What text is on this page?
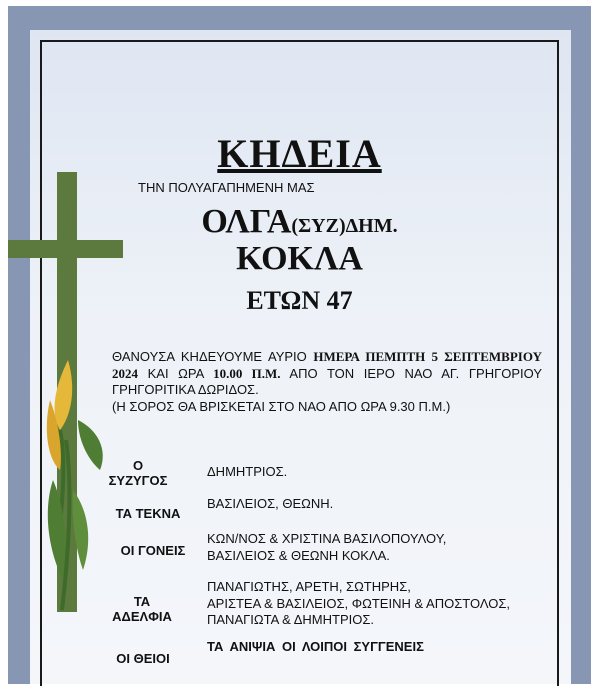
ΚΗΔΕΙΑ
ΤΗΝ ΠΟΛΥΑΓΑΠΗΜΕΝΗ ΜΑΣ
ΟΛΓΑ(ΣΥΖ)ΔΗΜ.
ΚΟΚΛΑ
ΕΤΩΝ 47
ΘΑΝΟΥΣΑ ΚΗΔΕΥΟΥΜΕ ΑΥΡΙΟ ΗΜΕΡΑ ΠΕΜΠΤΗ 5 ΣΕΠΤΕΜΒΡΙΟΥ 2024 ΚΑΙ ΩΡΑ 10.00 Π.Μ. ΑΠΟ ΤΟΝ ΙΕΡΟ ΝΑΟ ΑΓ. ΓΡΗΓΟΡΙΟΥ ΓΡΗΓΟΡΙΤΙΚΑ ΔΩΡΙΔΟΣ.
(Η ΣΟΡΟΣ ΘΑ ΒΡΙΣΚΕΤΑΙ ΣΤΟ ΝΑΟ ΑΠΟ ΩΡΑ 9.30 Π.Μ.)
Ο
ΣΥΖΥΓΟΣ
ΔΗΜΗΤΡΙΟΣ.
ΤΑ ΤΕΚΝΑ
ΒΑΣΙΛΕΙΟΣ, ΘΕΩΝΗ.
ΟΙ ΓΟΝΕΙΣ
ΚΩΝ/ΝΟΣ & ΧΡΙΣΤΙΝΑ ΒΑΣΙΛΟΠΟΥΛΟΥ,
ΒΑΣΙΛΕΙΟΣ & ΘΕΩΝΗ ΚΟΚΛΑ.
ΤΑ
ΑΔΕΛΦΙΑ
ΠΑΝΑΓΙΩΤΗΣ, ΑΡΕΤΗ, ΣΩΤΗΡΗΣ,
ΑΡΙΣΤΕΑ & ΒΑΣΙΛΕΙΟΣ, ΦΩΤΕΙΝΗ & ΑΠΟΣΤΟΛΟΣ,
ΠΑΝΑΓΙΩΤΑ & ΔΗΜΗΤΡΙΟΣ.
ΟΙ ΘΕΙΟΙ
ΤΑ ΑΝΙΨΙΑ ΟΙ ΛΟΙΠΟΙ ΣΥΓΓΕΝΕΙΣ
